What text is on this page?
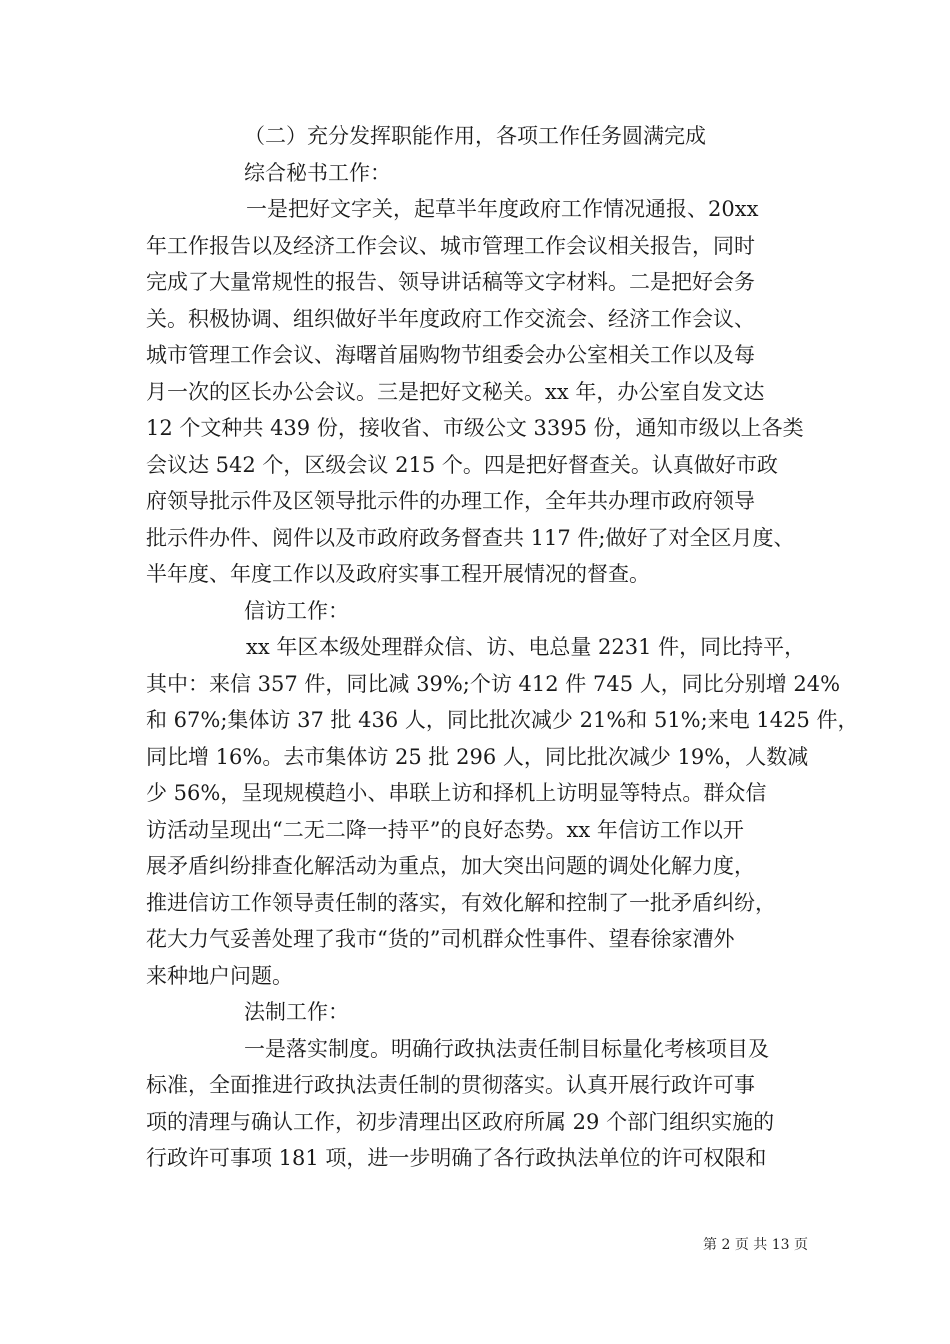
（二）充分发挥职能作用，各项工作任务圆满完成
综合秘书工作：
一是把好文字关，起草半年度政府工作情况通报、20xx
年工作报告以及经济工作会议、城市管理工作会议相关报告，同时
完成了大量常规性的报告、领导讲话稿等文字材料。二是把好会务
关。积极协调、组织做好半年度政府工作交流会、经济工作会议、
城市管理工作会议、海曙首届购物节组委会办公室相关工作以及每
月一次的区长办公会议。三是把好文秘关。xx 年，办公室自发文达
12 个文种共 439 份，接收省、市级公文 3395 份，通知市级以上各类
会议达 542 个，区级会议 215 个。四是把好督查关。认真做好市政
府领导批示件及区领导批示件的办理工作，全年共办理市政府领导
批示件办件、阅件以及市政府政务督查共 117 件;做好了对全区月度、
半年度、年度工作以及政府实事工程开展情况的督查。
信访工作：
xx 年区本级处理群众信、访、电总量 2231 件，同比持平，
其中：来信 357 件，同比减 39%;个访 412 件 745 人，同比分别增 24%
和 67%;集体访 37 批 436 人，同比批次减少 21%和 51%;来电 1425 件，
同比增 16%。去市集体访 25 批 296 人，同比批次减少 19%，人数减
少 56%，呈现规模趋小、串联上访和择机上访明显等特点。群众信
访活动呈现出“二无二降一持平”的良好态势。xx 年信访工作以开
展矛盾纠纷排查化解活动为重点，加大突出问题的调处化解力度，
推进信访工作领导责任制的落实，有效化解和控制了一批矛盾纠纷，
花大力气妥善处理了我市“货的”司机群众性事件、望春徐家漕外
来种地户问题。
法制工作：
一是落实制度。明确行政执法责任制目标量化考核项目及
标准，全面推进行政执法责任制的贯彻落实。认真开展行政许可事
项的清理与确认工作，初步清理出区政府所属 29 个部门组织实施的
行政许可事项 181 项，进一步明确了各行政执法单位的许可权限和
第 2 页 共 13 页
